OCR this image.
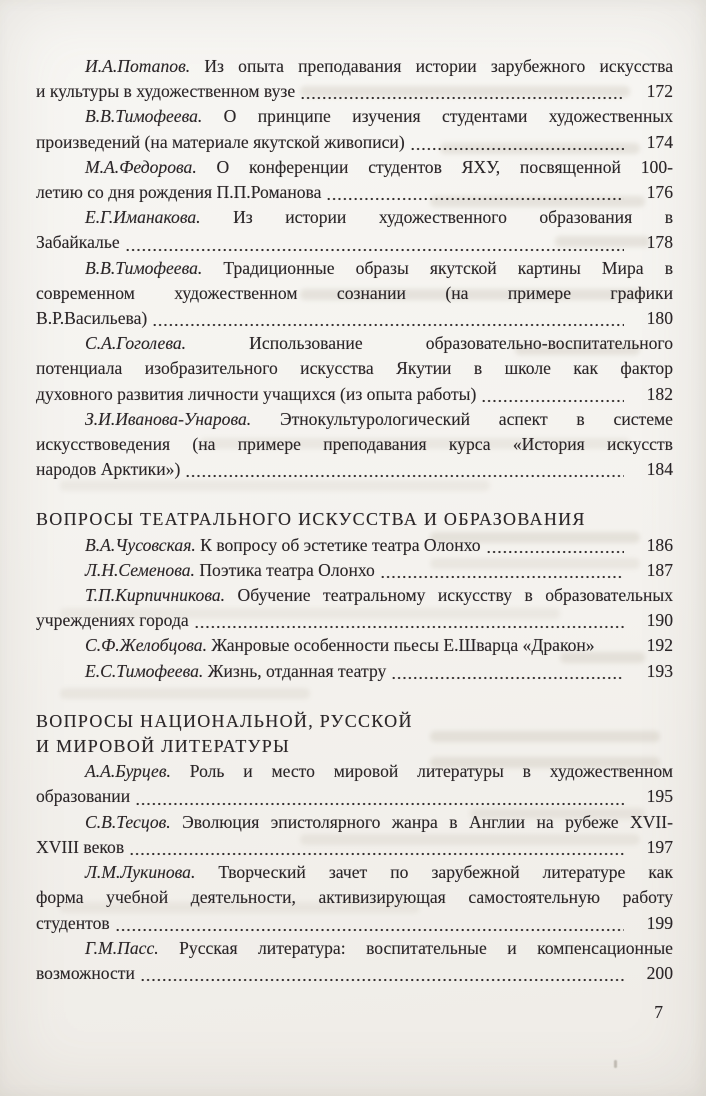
И.А.Потапов. Из опыта преподавания истории зарубежного искусства
и культуры в художественном вузе	172
В.В.Тимофеева. О принципе изучения студентами художественных
произведений (на материале якутской живописи)	174
М.А.Федорова. О конференции студентов ЯХУ, посвященной 100-
летию со дня рождения П.П.Романова	176
Е.Г.Иманакова. Из истории художественного образования в
Забайкалье	178
В.В.Тимофеева. Традиционные образы якутской картины Мира в
современном художественном сознании (на примере графики
В.Р.Васильева)	180
С.А.Гоголева. Использование образовательно-воспитательного
потенциала изобразительного искусства Якутии в школе как фактор
духовного развития личности учащихся (из опыта работы)	182
З.И.Иванова-Унарова. Этнокультурологический аспект в системе
искусствоведения (на примере преподавания курса «История искусств
народов Арктики»)	184
ВОПРОСЫ ТЕАТРАЛЬНОГО ИСКУССТВА И ОБРАЗОВАНИЯ
В.А.Чусовская. К вопросу об эстетике театра Олонхо	186
Л.Н.Семенова. Поэтика театра Олонхо	187
Т.П.Кирпичникова. Обучение театральному искусству в образовательных
учреждениях города	190
С.Ф.Желобцова. Жанровые особенности пьесы Е.Шварца «Дракон»	192
Е.С.Тимофеева. Жизнь, отданная театру	193
ВОПРОСЫ НАЦИОНАЛЬНОЙ, РУССКОЙ
И МИРОВОЙ ЛИТЕРАТУРЫ
А.А.Бурцев. Роль и место мировой литературы в художественном
образовании	195
С.В.Тесцов. Эволюция эпистолярного жанра в Англии на рубеже XVII-
XVIII веков	197
Л.М.Лукинова. Творческий зачет по зарубежной литературе как
форма учебной деятельности, активизирующая самостоятельную работу
студентов	199
Г.М.Пасс. Русская литература: воспитательные и компенсационные
возможности	200
7
